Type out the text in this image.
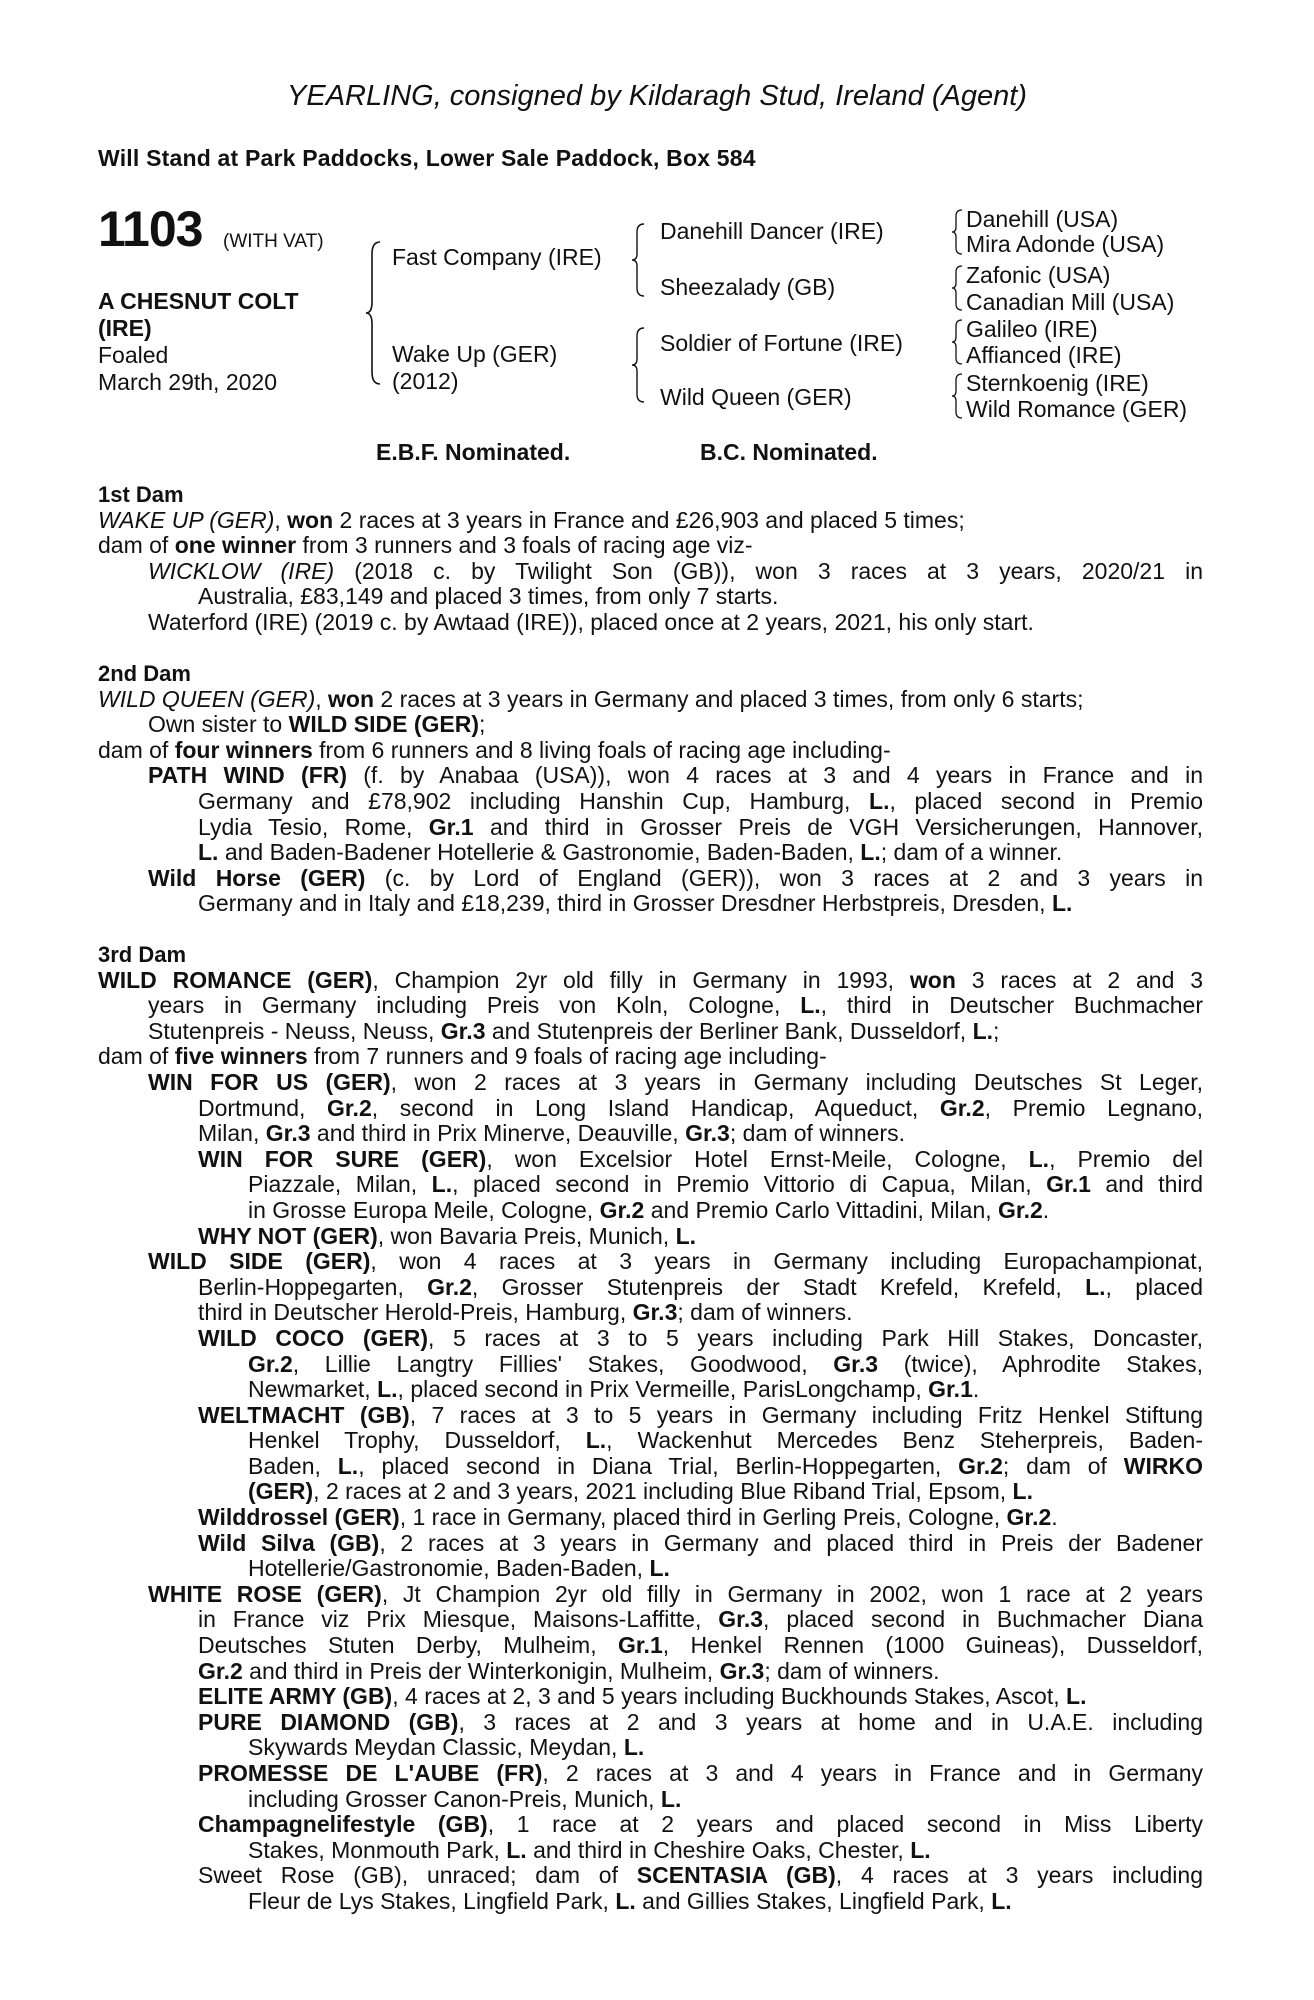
YEARLING, consigned by Kildaragh Stud, Ireland (Agent)
Will Stand at Park Paddocks, Lower Sale Paddock, Box 584
1103 (WITH VAT)
A CHESNUT COLT
(IRE)
Foaled
March 29th, 2020
Fast Company (IRE)
Wake Up (GER)
(2012)
Danehill Dancer (IRE)
Sheezalady (GB)
Soldier of Fortune (IRE)
Wild Queen (GER)
Danehill (USA)
Mira Adonde (USA)
Zafonic (USA)
Canadian Mill (USA)
Galileo (IRE)
Affianced (IRE)
Sternkoenig (IRE)
Wild Romance (GER)
E.B.F. Nominated.	B.C. Nominated.
1st Dam
WAKE UP (GER), won 2 races at 3 years in France and £26,903 and placed 5 times;
dam of one winner from 3 runners and 3 foals of racing age viz-
WICKLOW (IRE) (2018 c. by Twilight Son (GB)), won 3 races at 3 years, 2020/21 in
Australia, £83,149 and placed 3 times, from only 7 starts.
Waterford (IRE) (2019 c. by Awtaad (IRE)), placed once at 2 years, 2021, his only start.
2nd Dam
WILD QUEEN (GER), won 2 races at 3 years in Germany and placed 3 times, from only 6 starts;
Own sister to WILD SIDE (GER);
dam of four winners from 6 runners and 8 living foals of racing age including-
PATH WIND (FR) (f. by Anabaa (USA)), won 4 races at 3 and 4 years in France and in
Germany and £78,902 including Hanshin Cup, Hamburg, L., placed second in Premio
Lydia Tesio, Rome, Gr.1 and third in Grosser Preis de VGH Versicherungen, Hannover,
L. and Baden-Badener Hotellerie & Gastronomie, Baden-Baden, L.; dam of a winner.
Wild Horse (GER) (c. by Lord of England (GER)), won 3 races at 2 and 3 years in
Germany and in Italy and £18,239, third in Grosser Dresdner Herbstpreis, Dresden, L.
3rd Dam
WILD ROMANCE (GER), Champion 2yr old filly in Germany in 1993, won 3 races at 2 and 3
years in Germany including Preis von Koln, Cologne, L., third in Deutscher Buchmacher
Stutenpreis - Neuss, Neuss, Gr.3 and Stutenpreis der Berliner Bank, Dusseldorf, L.;
dam of five winners from 7 runners and 9 foals of racing age including-
WIN FOR US (GER), won 2 races at 3 years in Germany including Deutsches St Leger,
Dortmund, Gr.2, second in Long Island Handicap, Aqueduct, Gr.2, Premio Legnano,
Milan, Gr.3 and third in Prix Minerve, Deauville, Gr.3; dam of winners.
WIN FOR SURE (GER), won Excelsior Hotel Ernst-Meile, Cologne, L., Premio del
Piazzale, Milan, L., placed second in Premio Vittorio di Capua, Milan, Gr.1 and third
in Grosse Europa Meile, Cologne, Gr.2 and Premio Carlo Vittadini, Milan, Gr.2.
WHY NOT (GER), won Bavaria Preis, Munich, L.
WILD SIDE (GER), won 4 races at 3 years in Germany including Europachampionat,
Berlin-Hoppegarten, Gr.2, Grosser Stutenpreis der Stadt Krefeld, Krefeld, L., placed
third in Deutscher Herold-Preis, Hamburg, Gr.3; dam of winners.
WILD COCO (GER), 5 races at 3 to 5 years including Park Hill Stakes, Doncaster,
Gr.2, Lillie Langtry Fillies' Stakes, Goodwood, Gr.3 (twice), Aphrodite Stakes,
Newmarket, L., placed second in Prix Vermeille, ParisLongchamp, Gr.1.
WELTMACHT (GB), 7 races at 3 to 5 years in Germany including Fritz Henkel Stiftung
Henkel Trophy, Dusseldorf, L., Wackenhut Mercedes Benz Steherpreis, Baden-
Baden, L., placed second in Diana Trial, Berlin-Hoppegarten, Gr.2; dam of WIRKO
(GER), 2 races at 2 and 3 years, 2021 including Blue Riband Trial, Epsom, L.
Wilddrossel (GER), 1 race in Germany, placed third in Gerling Preis, Cologne, Gr.2.
Wild Silva (GB), 2 races at 3 years in Germany and placed third in Preis der Badener
Hotellerie/Gastronomie, Baden-Baden, L.
WHITE ROSE (GER), Jt Champion 2yr old filly in Germany in 2002, won 1 race at 2 years
in France viz Prix Miesque, Maisons-Laffitte, Gr.3, placed second in Buchmacher Diana
Deutsches Stuten Derby, Mulheim, Gr.1, Henkel Rennen (1000 Guineas), Dusseldorf,
Gr.2 and third in Preis der Winterkonigin, Mulheim, Gr.3; dam of winners.
ELITE ARMY (GB), 4 races at 2, 3 and 5 years including Buckhounds Stakes, Ascot, L.
PURE DIAMOND (GB), 3 races at 2 and 3 years at home and in U.A.E. including
Skywards Meydan Classic, Meydan, L.
PROMESSE DE L'AUBE (FR), 2 races at 3 and 4 years in France and in Germany
including Grosser Canon-Preis, Munich, L.
Champagnelifestyle (GB), 1 race at 2 years and placed second in Miss Liberty
Stakes, Monmouth Park, L. and third in Cheshire Oaks, Chester, L.
Sweet Rose (GB), unraced; dam of SCENTASIA (GB), 4 races at 3 years including
Fleur de Lys Stakes, Lingfield Park, L. and Gillies Stakes, Lingfield Park, L.
